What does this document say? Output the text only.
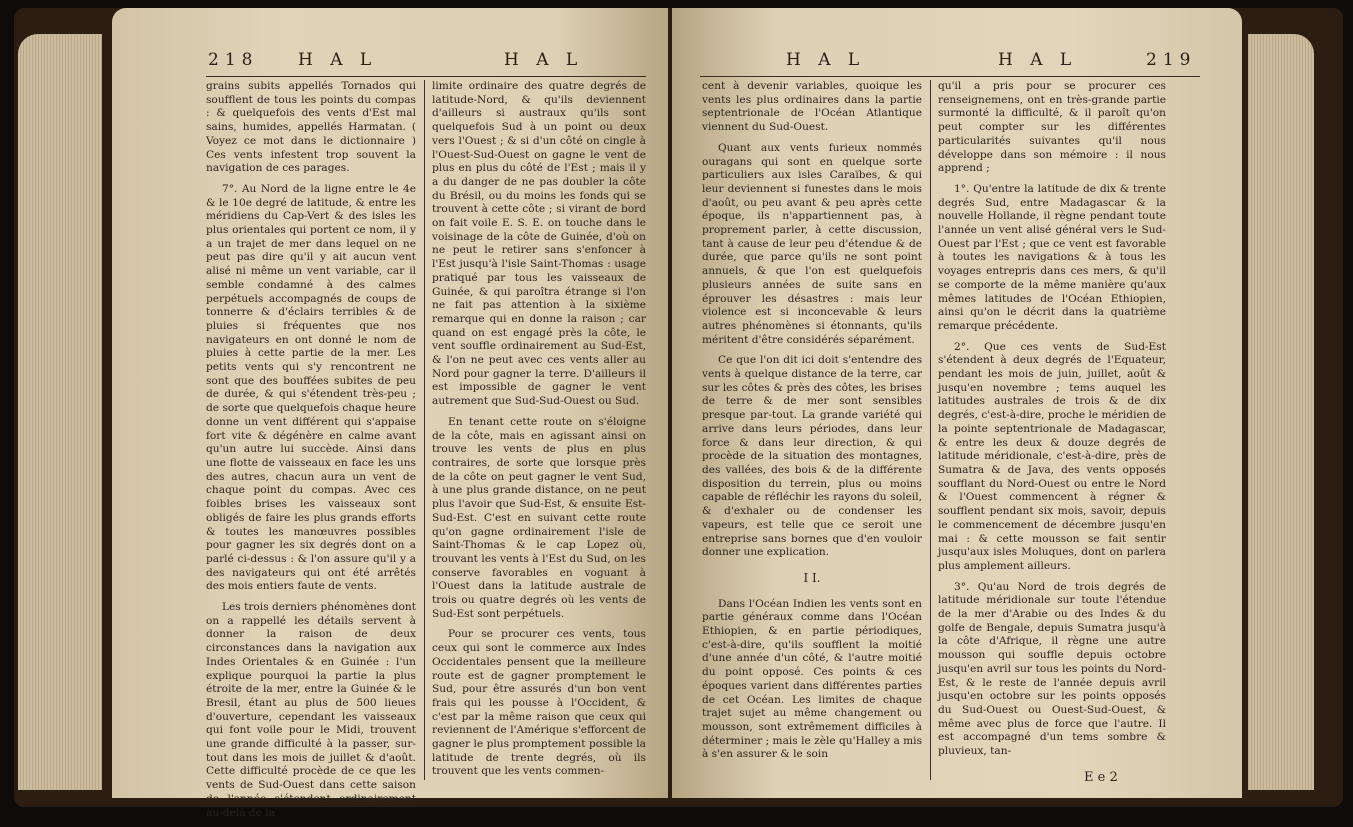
218 H A L	H A L

grains subits appellés Tornados qui soufflent de tous les points du compas : & quelquefois des vents d'Est mal sains, humides, appellés Harmatan. ( Voyez ce mot dans le dictionnaire ) Ces vents infestent trop souvent la navigation de ces parages.

7°. Au Nord de la ligne entre le 4e & le 10e degré de latitude, & entre les méridiens du Cap-Vert & des isles les plus orientales qui portent ce nom, il y a un trajet de mer dans lequel on ne peut pas dire qu'il y ait aucun vent alisé ni même un vent variable, car il semble condamné à des calmes perpétuels accompagnés de coups de tonnerre & d'éclairs terribles & de pluies si fréquentes que nos navigateurs en ont donné le nom de pluies à cette partie de la mer. Les petits vents qui s'y rencontrent ne sont que des bouffées subites de peu de durée, & qui s'étendent très-peu ; de sorte que quelquefois chaque heure donne un vent différent qui s'appaise fort vite & dégénère en calme avant qu'un autre lui succède. Ainsi dans une flotte de vaisseaux en face les uns des autres, chacun aura un vent de chaque point du compas. Avec ces foibles brises les vaisseaux sont obligés de faire les plus grands efforts & toutes les manœuvres possibles pour gagner les six degrés dont on a parlé ci-dessus : & l'on assure qu'il y a des navigateurs qui ont été arrêtés des mois entiers faute de vents.

Les trois derniers phénomènes dont on a rappellé les détails servent à donner la raison de deux circonstances dans la navigation aux Indes Orientales & en Guinée : l'un explique pourquoi la partie la plus étroite de la mer, entre la Guinée & le Bresil, étant au plus de 500 lieues d'ouverture, cependant les vaisseaux qui font voile pour le Midi, trouvent une grande difficulté à la passer, sur-tout dans les mois de juillet & d'août. Cette difficulté procède de ce que les vents de Sud-Ouest dans cette saison de l'année s'étendent ordinairement au-delà de la

limite ordinaire des quatre degrés de latitude-Nord, & qu'ils deviennent d'ailleurs si austraux qu'ils sont quelquefois Sud à un point ou deux vers l'Ouest ; & si d'un côté on cingle à l'Ouest-Sud-Ouest on gagne le vent de plus en plus du côté de l'Est ; mais il y a du danger de ne pas doubler la côte du Brésil, ou du moins les fonds qui se trouvent à cette côte ; si virant de bord on fait voile E. S. E. on touche dans le voisinage de la côte de Guinée, d'où on ne peut le retirer sans s'enfoncer à l'Est jusqu'à l'isle Saint-Thomas : usage pratiqué par tous les vaisseaux de Guinée, & qui paroîtra étrange si l'on ne fait pas attention à la sixième remarque qui en donne la raison ; car quand on est engagé près la côte, le vent souffle ordinairement au Sud-Est, & l'on ne peut avec ces vents aller au Nord pour gagner la terre. D'ailleurs il est impossible de gagner le vent autrement que Sud-Sud-Ouest ou Sud.

En tenant cette route on s'éloigne de la côte, mais en agissant ainsi on trouve les vents de plus en plus contraires, de sorte que lorsque près de la côte on peut gagner le vent Sud, à une plus grande distance, on ne peut plus l'avoir que Sud-Est, & ensuite Est-Sud-Est. C'est en suivant cette route qu'on gagne ordinairement l'isle de Saint-Thomas & le cap Lopez où, trouvant les vents à l'Est du Sud, on les conserve favorables en voguant à l'Ouest dans la latitude australe de trois ou quatre degrés où les vents de Sud-Est sont perpétuels.

Pour se procurer ces vents, tous ceux qui sont le commerce aux Indes Occidentales pensent que la meilleure route est de gagner promptement le Sud, pour être assurés d'un bon vent frais qui les pousse à l'Occident, & c'est par la même raison que ceux qui reviennent de l'Amérique s'efforcent de gagner le plus promptement possible la latitude de trente degrés, où ils trouvent que les vents commen-

H A L	H A L	219

cent à devenir variables, quoique les vents les plus ordinaires dans la partie septentrionale de l'Océan Atlantique viennent du Sud-Ouest.

Quant aux vents furieux nommés ouragans qui sont en quelque sorte particuliers aux isles Caraïbes, & qui leur deviennent si funestes dans le mois d'août, ou peu avant & peu après cette époque, ils n'appartiennent pas, à proprement parler, à cette discussion, tant à cause de leur peu d'étendue & de durée, que parce qu'ils ne sont point annuels, & que l'on est quelquefois plusieurs années de suite sans en éprouver les désastres : mais leur violence est si inconcevable & leurs autres phénomènes si étonnants, qu'ils méritent d'être considérés séparément.

Ce que l'on dit ici doit s'entendre des vents à quelque distance de la terre, car sur les côtes & près des côtes, les brises de terre & de mer sont sensibles presque par-tout. La grande variété qui arrive dans leurs périodes, dans leur force & dans leur direction, & qui procède de la situation des montagnes, des vallées, des bois & de la différente disposition du terrein, plus ou moins capable de réfléchir les rayons du soleil, & d'exhaler ou de condenser les vapeurs, est telle que ce seroit une entreprise sans bornes que d'en vouloir donner une explication.

I I.

Dans l'Océan Indien les vents sont en partie généraux comme dans l'Océan Ethiopien, & en partie périodiques, c'est-à-dire, qu'ils soufflent la moitié d'une année d'un côté, & l'autre moitié du point opposé. Ces points & ces époques varient dans différentes parties de cet Océan. Les limites de chaque trajet sujet au même changement ou mousson, sont extrêmement difficiles à déterminer ; mais le zèle qu'Halley a mis à s'en assurer & le soin

qu'il a pris pour se procurer ces renseignemens, ont en très-grande partie surmonté la difficulté, & il paroît qu'on peut compter sur les différentes particularités suivantes qu'il nous développe dans son mémoire : il nous apprend ;

1°. Qu'entre la latitude de dix & trente degrés Sud, entre Madagascar & la nouvelle Hollande, il règne pendant toute l'année un vent alisé général vers le Sud-Ouest par l'Est ; que ce vent est favorable à toutes les navigations & à tous les voyages entrepris dans ces mers, & qu'il se comporte de la même manière qu'aux mêmes latitudes de l'Océan Ethiopien, ainsi qu'on le décrit dans la quatrième remarque précédente.

2°. Que ces vents de Sud-Est s'étendent à deux degrés de l'Equateur, pendant les mois de juin, juillet, août & jusqu'en novembre ; tems auquel les latitudes australes de trois & de dix degrés, c'est-à-dire, proche le méridien de la pointe septentrionale de Madagascar, & entre les deux & douze degrés de latitude méridionale, c'est-à-dire, près de Sumatra & de Java, des vents opposés soufflant du Nord-Ouest ou entre le Nord & l'Ouest commencent à régner & soufflent pendant six mois, savoir, depuis le commencement de décembre jusqu'en mai : & cette mousson se fait sentir jusqu'aux isles Moluques, dont on parlera plus amplement ailleurs.

3°. Qu'au Nord de trois degrés de latitude méridionale sur toute l'étendue de la mer d'Arabie ou des Indes & du golfe de Bengale, depuis Sumatra jusqu'à la côte d'Afrique, il règne une autre mousson qui souffle depuis octobre jusqu'en avril sur tous les points du Nord-Est, & le reste de l'année depuis avril jusqu'en octobre sur les points opposés du Sud-Ouest ou Ouest-Sud-Ouest, & même avec plus de force que l'autre. Il est accompagné d'un tems sombre & pluvieux, tan-

E e 2
